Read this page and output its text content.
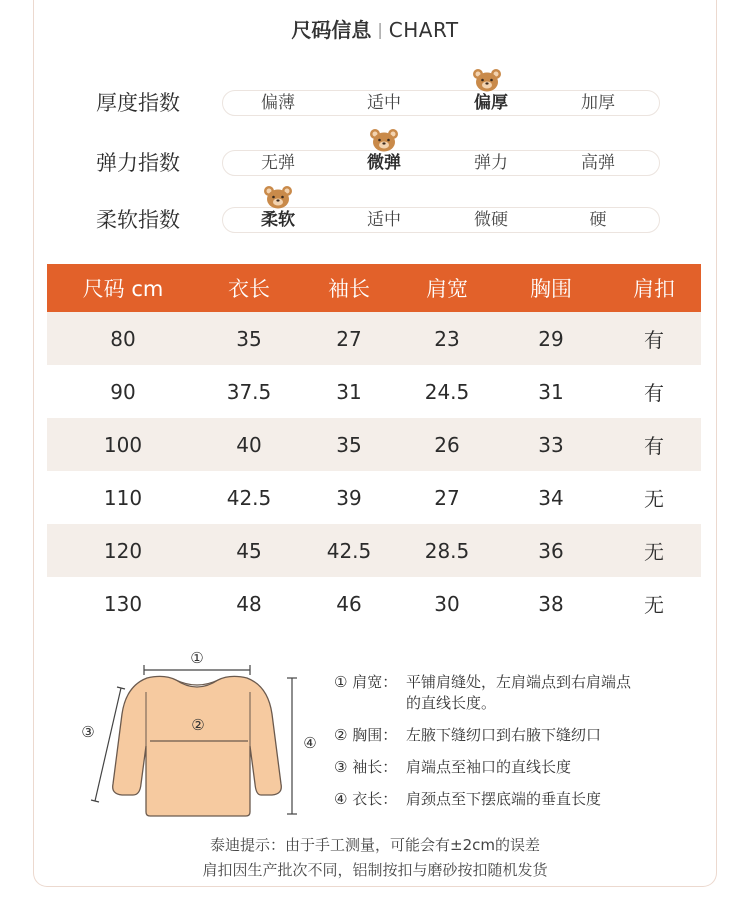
尺码信息 | CHART
厚度指数	偏薄	适中	偏厚	加厚
弹力指数	无弹	微弹	弹力	高弹
柔软指数	柔软	适中	微硬	硬
尺码 cm	衣长	袖长	肩宽	胸围	肩扣
80	35	27	23	29	有
90	37.5	31	24.5	31	有
100	40	35	26	33	有
110	42.5	39	27	34	无
120	45	42.5	28.5	36	无
130	48	46	30	38	无
①
②
③
④
① 肩宽： 平铺肩缝处，左肩端点到右肩端点
的直线长度。
② 胸围： 左腋下缝纫口到右腋下缝纫口
③ 袖长： 肩端点至袖口的直线长度
④ 衣长： 肩颈点至下摆底端的垂直长度
泰迪提示：由于手工测量，可能会有±2cm的误差
肩扣因生产批次不同，铝制按扣与磨砂按扣随机发货
